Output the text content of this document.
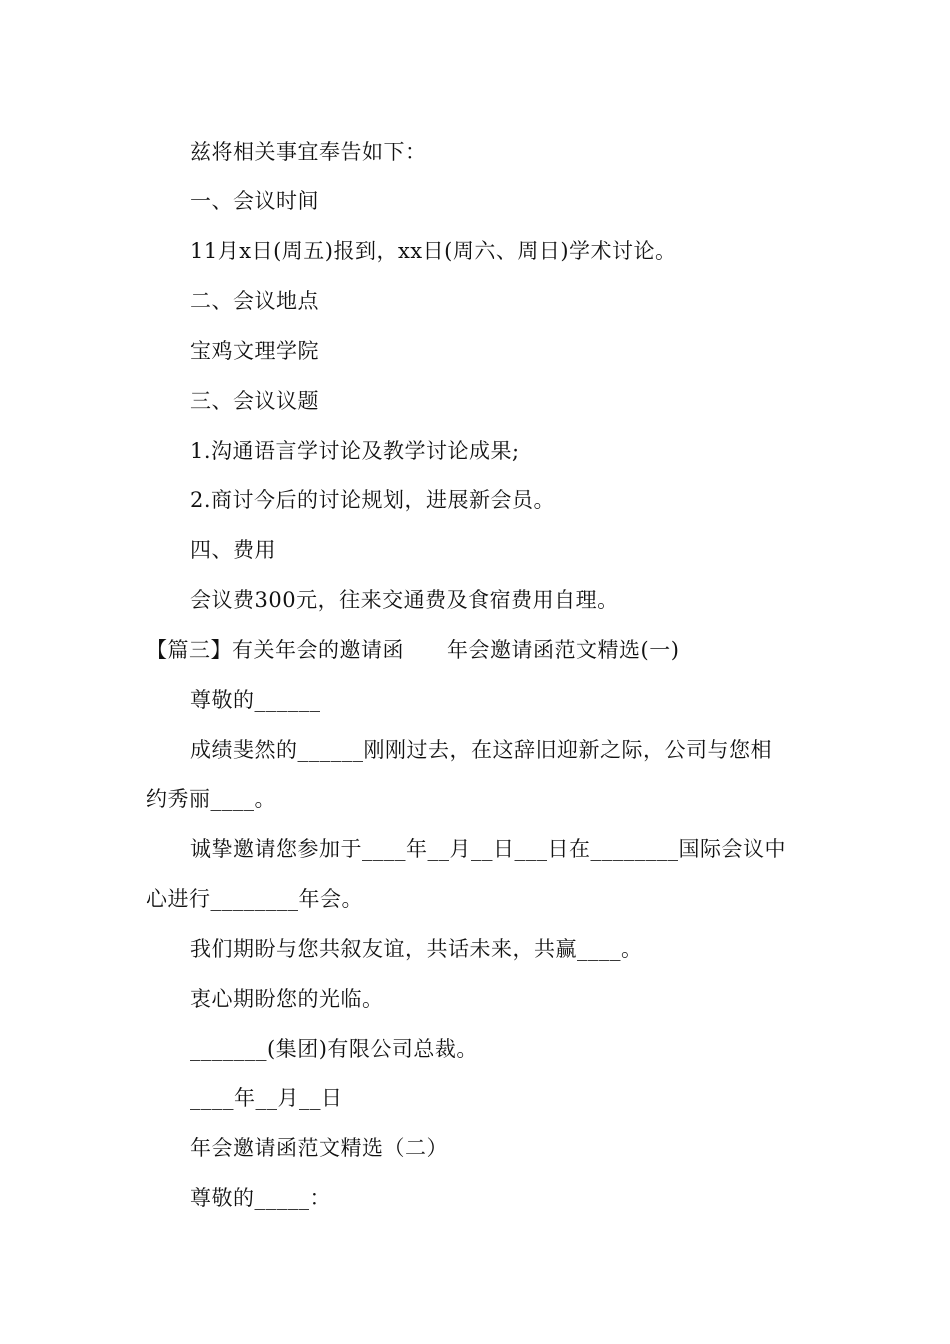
兹将相关事宜奉告如下：
一、会议时间
11月x日(周五)报到，xx日(周六、周日)学术讨论。
二、会议地点
宝鸡文理学院
三、会议议题
1.沟通语言学讨论及教学讨论成果;
2.商讨今后的讨论规划，进展新会员。
四、费用
会议费300元，往来交通费及食宿费用自理。
【篇三】有关年会的邀请函　　年会邀请函范文精选(一)
尊敬的______
成绩斐然的______刚刚过去，在这辞旧迎新之际，公司与您相
约秀丽____。
诚挚邀请您参加于____年__月__日___日在________国际会议中
心进行________年会。
我们期盼与您共叙友谊，共话未来，共赢____。
衷心期盼您的光临。
_______(集团)有限公司总裁。
____年__月__日
年会邀请函范文精选（二）
尊敬的_____：
